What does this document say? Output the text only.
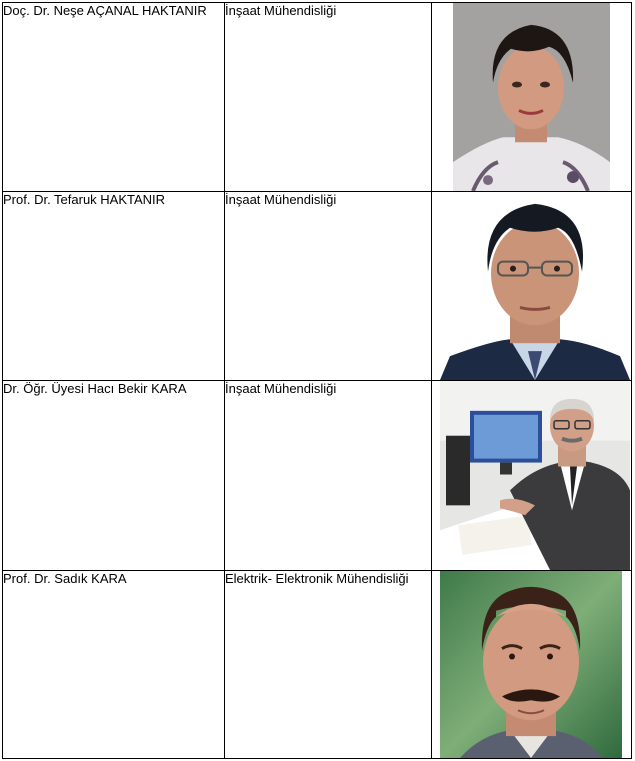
Doç. Dr. Neşe AÇANAL HAKTANIR	İnşaat Mühendisliği	

Prof. Dr. Tefaruk HAKTANIR	İnşaat Mühendisliği	

Dr. Öğr. Üyesi Hacı Bekir KARA	İnşaat Mühendisliği	

Prof. Dr. Sadık KARA	Elektrik- Elektronik Mühendisliği	
